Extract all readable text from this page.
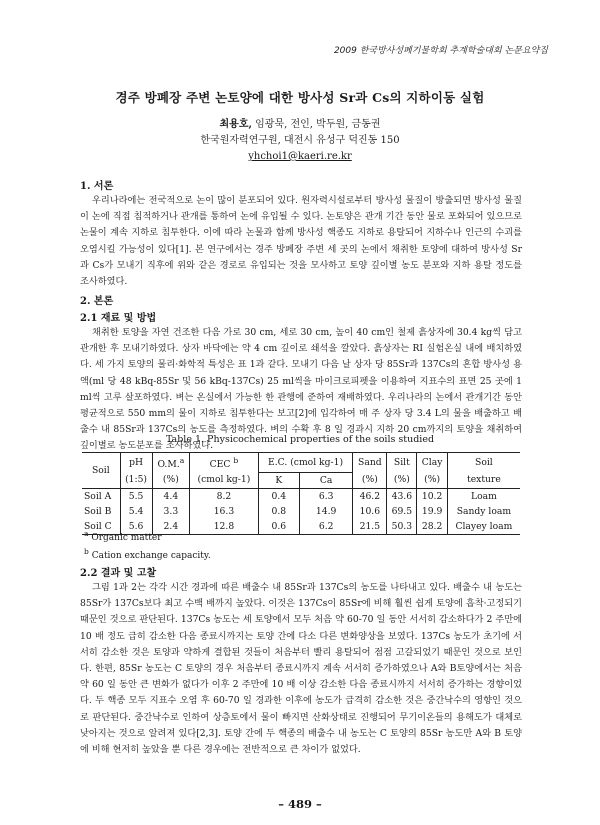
2009 한국방사성폐기물학회 추계학술대회 논문요약집
경주 방폐장 주변 논토양에 대한 방사성 Sr과 Cs의 지하이동 실험
최용호, 임광묵, 전인, 박두원, 금동권
한국원자력연구원, 대전시 유성구 덕진동 150
yhchoi1@kaeri.re.kr
1. 서론

우리나라에는 전국적으로 논이 많이 분포되어 있다. 원자력시설로부터 방사성 물질이 방출되면 방사성 물질이 논에 직접 침적하거나 관개를 통하여 논에 유입될 수 있다. 논토양은 관개 기간 동안 물로 포화되어 있으므로 논물이 계속 지하로 침투한다. 이에 따라 논물과 함께 방사성 핵종도 지하로 용탈되어 지하수나 인근의 수괴를 오염시킬 가능성이 있다[1]. 본 연구에서는 경주 방폐장 주변 세 곳의 논에서 채취한 토양에 대하여 방사성 Sr과 Cs가 모내기 직후에 위와 같은 경로로 유입되는 것을 모사하고 토양 깊이별 농도 분포와 지하 용탈 정도를 조사하였다.

2. 본론
2.1 재료 및 방법

채취한 토양을 자연 건조한 다음 가로 30 cm, 세로 30 cm, 높이 40 cm인 철제 흙상자에 30.4 kg씩 담고 관개한 후 모내기하였다. 상자 바닥에는 약 4 cm 깊이로 쇄석을 깔았다. 흙상자는 RI 실험온실 내에 배치하였다. 세 가지 토양의 물리·화학적 특성은 표 1과 같다. 모내기 다음 날 상자 당 85Sr과 137Cs의 혼합 방사성 용액(ml 당 48 kBq-85Sr 및 56 kBq-137Cs) 25 ml씩을 마이크로피펫을 이용하여 지표수의 표면 25 곳에 1 ml씩 고루 살포하였다. 벼는 온실에서 가능한 한 관행에 준하여 재배하였다. 우리나라의 논에서 관개기간 동안 평균적으로 550 mm의 물이 지하로 침투한다는 보고[2]에 입각하여 매 주 상자 당 3.4 L의 물을 배출하고 배출수 내 85Sr과 137Cs의 농도를 측정하였다. 벼의 수확 후 8 일 경과시 지하 20 cm까지의 토양을 채취하여 깊이별로 농도분포를 조사하였다.

Table 1. Physicochemical properties of the soils studied
Soil	pH	O.M.$^a$	CEC $^b$	E.C. (cmol kg-1)		Sand	Silt	Clay	Soil
	(1:5)	(%)	(cmol kg-1)	K	Ca	(%)	(%)	(%)	texture
Soil A	5.5	4.4	8.2	0.4	6.3	46.2	43.6	10.2	Loam
Soil B	5.4	3.3	16.3	0.8	14.9	10.6	69.5	19.9	Sandy loam
Soil C	5.6	2.4	12.8	0.6	6.2	21.5	50.3	28.2	Clayey loam
$^a$ Organic matter
$^b$ Cation exchange capacity.
2.2 결과 및 고찰

그림 1과 2는 각각 시간 경과에 따른 배출수 내 85Sr과 137Cs의 농도를 나타내고 있다. 배출수 내 농도는 85Sr가 137Cs보다 최고 수백 배까지 높았다. 이것은 137Cs이 85Sr에 비해 훨씬 쉽게 토양에 흡착·고정되기 때문인 것으로 판단된다. 137Cs 농도는 세 토양에서 모두 처음 약 60-70 일 동안 서서히 감소하다가 2 주만에 10 배 정도 급히 감소한 다음 종료시까지는 토양 간에 다소 다른 변화양상을 보였다. 137Cs 농도가 초기에 서서히 감소한 것은 토양과 약하게 결합된 것들이 처음부터 빨리 용탈되어 점점 고갈되었기 때문인 것으로 보인다. 한편, 85Sr 농도는 C 토양의 경우 처음부터 종료시까지 계속 서서히 증가하였으나 A와 B토양에서는 처음 약 60 일 동안 큰 변화가 없다가 이후 2 주만에 10 배 이상 감소한 다음 종료시까지 서서히 증가하는 경향이었다. 두 핵종 모두 지표수 오염 후 60-70 일 경과한 이후에 농도가 급격히 감소한 것은 중간낙수의 영향인 것으로 판단된다. 중간낙수로 인하여 상층토에서 물이 빠지면 산화상태로 진행되어 무기이온들의 용해도가 대체로 낮아지는 것으로 알려져 있다[2,3]. 토양 간에 두 핵종의 배출수 내 농도는 C 토양의 85Sr 농도만 A와 B 토양에 비해 현저히 높았을 뿐 다른 경우에는 전반적으로 큰 차이가 없었다.

– 489 –
